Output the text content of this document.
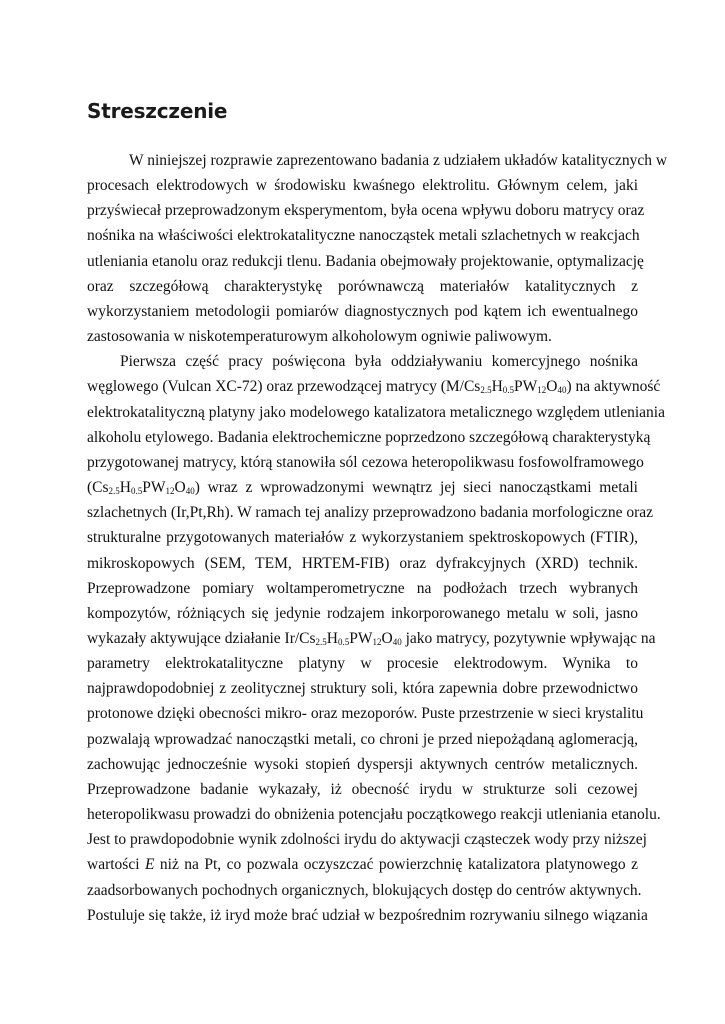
Streszczenie
W niniejszej rozprawie zaprezentowano badania z udziałem układów katalitycznych w
procesach elektrodowych w środowisku kwaśnego elektrolitu. Głównym celem, jaki
przyświecał przeprowadzonym eksperymentom, była ocena wpływu doboru matrycy oraz
nośnika na właściwości elektrokatalityczne nanocząstek metali szlachetnych w reakcjach
utleniania etanolu oraz redukcji tlenu. Badania obejmowały projektowanie, optymalizację
oraz szczegółową charakterystykę porównawczą materiałów katalitycznych z
wykorzystaniem metodologii pomiarów diagnostycznych pod kątem ich ewentualnego
zastosowania w niskotemperaturowym alkoholowym ogniwie paliwowym.
Pierwsza część pracy poświęcona była oddziaływaniu komercyjnego nośnika
węglowego (Vulcan XC-72) oraz przewodzącej matrycy $(M/Cs_{2.5}H_{0.5}PW_{12}O_{40})$ na aktywność
elektrokatalityczną platyny jako modelowego katalizatora metalicznego względem utleniania
alkoholu etylowego. Badania elektrochemiczne poprzedzono szczegółową charakterystyką
przygotowanej matrycy, którą stanowiła sól cezowa heteropolikwasu fosfowolframowego
$(Cs_{2.5}H_{0.5}PW_{12}O_{40})$ wraz z wprowadzonymi wewnątrz jej sieci nanocząstkami metali
szlachetnych (Ir,Pt,Rh). W ramach tej analizy przeprowadzono badania morfologiczne oraz
strukturalne przygotowanych materiałów z wykorzystaniem spektroskopowych (FTIR),
mikroskopowych (SEM, TEM, HRTEM-FIB) oraz dyfrakcyjnych (XRD) technik.
Przeprowadzone pomiary woltamperometryczne na podłożach trzech wybranych
kompozytów, różniących się jedynie rodzajem inkorporowanego metalu w soli, jasno
wykazały aktywujące działanie $Ir/Cs_{2.5}H_{0.5}PW_{12}O_{40}$ jako matrycy, pozytywnie wpływając na
parametry elektrokatalityczne platyny w procesie elektrodowym. Wynika to
najprawdopodobniej z zeolitycznej struktury soli, która zapewnia dobre przewodnictwo
protonowe dzięki obecności mikro- oraz mezoporów. Puste przestrzenie w sieci krystalitu
pozwalają wprowadzać nanocząstki metali, co chroni je przed niepożądaną aglomeracją,
zachowując jednocześnie wysoki stopień dyspersji aktywnych centrów metalicznych.
Przeprowadzone badanie wykazały, iż obecność irydu w strukturze soli cezowej
heteropolikwasu prowadzi do obniżenia potencjału początkowego reakcji utleniania etanolu.
Jest to prawdopodobnie wynik zdolności irydu do aktywacji cząsteczek wody przy niższej
wartości E niż na Pt, co pozwala oczyszczać powierzchnię katalizatora platynowego z
zaadsorbowanych pochodnych organicznych, blokujących dostęp do centrów aktywnych.
Postuluje się także, iż iryd może brać udział w bezpośrednim rozrywaniu silnego wiązania
